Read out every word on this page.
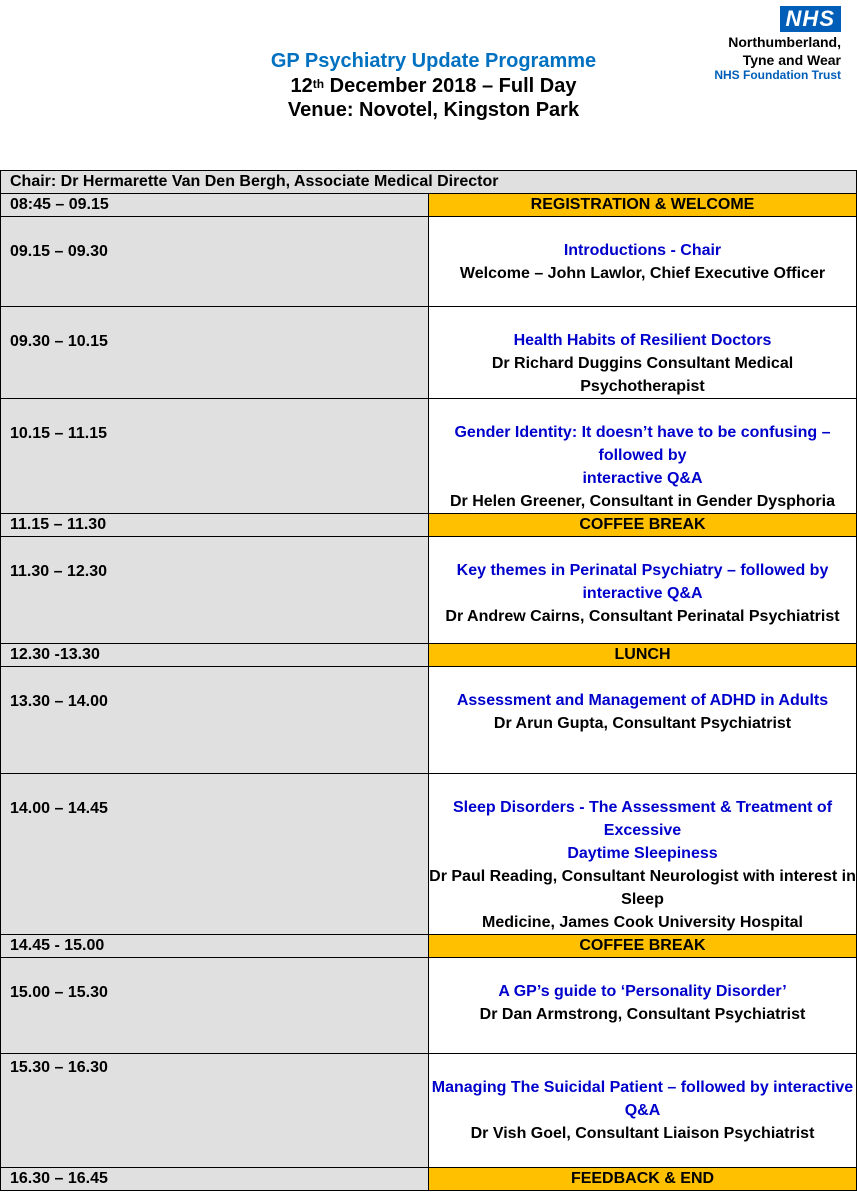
GP Psychiatry Update Programme
12th December 2018 – Full Day
Venue: Novotel, Kingston Park
NHS
Northumberland,
Tyne and Wear
NHS Foundation Trust
Chair: Dr Hermarette Van Den Bergh, Associate Medical Director	
08:45 – 09.15	REGISTRATION & WELCOME
09.15 – 09.30	Introductions - Chair
Welcome – John Lawlor, Chief Executive Officer

09.30 – 10.15	Health Habits of Resilient Doctors
Dr Richard Duggins Consultant Medical Psychotherapist

10.15 – 11.15	Gender Identity: It doesn’t have to be confusing – followed by
interactive Q&A
Dr Helen Greener, Consultant in Gender Dysphoria

11.15 – 11.30	COFFEE BREAK
11.30 – 12.30	Key themes in Perinatal Psychiatry – followed by interactive Q&A
Dr Andrew Cairns, Consultant Perinatal Psychiatrist

12.30 -13.30	LUNCH
13.30 – 14.00	Assessment and Management of ADHD in Adults
Dr Arun Gupta, Consultant Psychiatrist

14.00 – 14.45	Sleep Disorders - The Assessment & Treatment of Excessive
Daytime Sleepiness
Dr Paul Reading, Consultant Neurologist with interest in Sleep
Medicine, James Cook University Hospital

14.45 - 15.00	COFFEE BREAK
15.00 – 15.30	A GP’s guide to ‘Personality Disorder’
Dr Dan Armstrong, Consultant Psychiatrist

15.30 – 16.30	Managing The Suicidal Patient – followed by interactive Q&A
Dr Vish Goel, Consultant Liaison Psychiatrist

16.30 – 16.45	FEEDBACK & END
